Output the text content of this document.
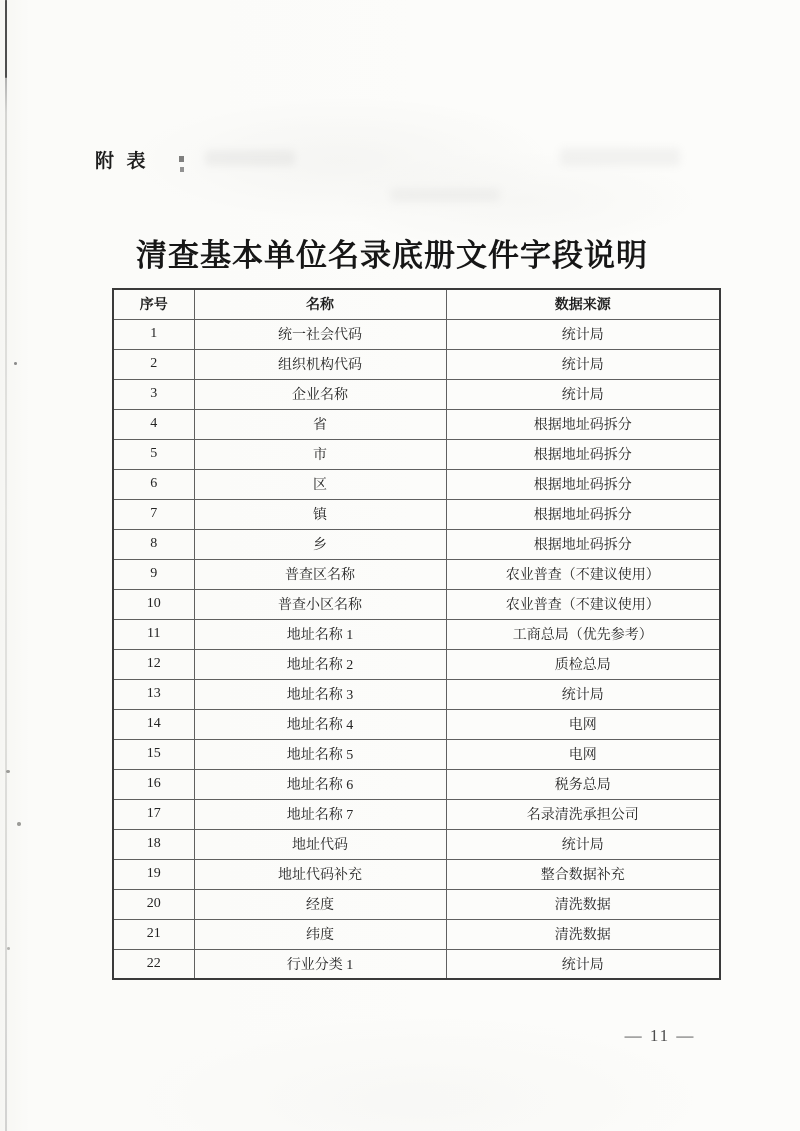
附  表
清查基本单位名录底册文件字段说明
序号	名称	数据来源
1	统一社会代码	统计局
2	组织机构代码	统计局
3	企业名称	统计局
4	省	根据地址码拆分
5	市	根据地址码拆分
6	区	根据地址码拆分
7	镇	根据地址码拆分
8	乡	根据地址码拆分
9	普查区名称	农业普查（不建议使用）
10	普查小区名称	农业普查（不建议使用）
11	地址名称 1	工商总局（优先参考）
12	地址名称 2	质检总局
13	地址名称 3	统计局
14	地址名称 4	电网
15	地址名称 5	电网
16	地址名称 6	税务总局
17	地址名称 7	名录清洗承担公司
18	地址代码	统计局
19	地址代码补充	整合数据补充
20	经度	清洗数据
21	纬度	清洗数据
22	行业分类 1	统计局
— 11 —
